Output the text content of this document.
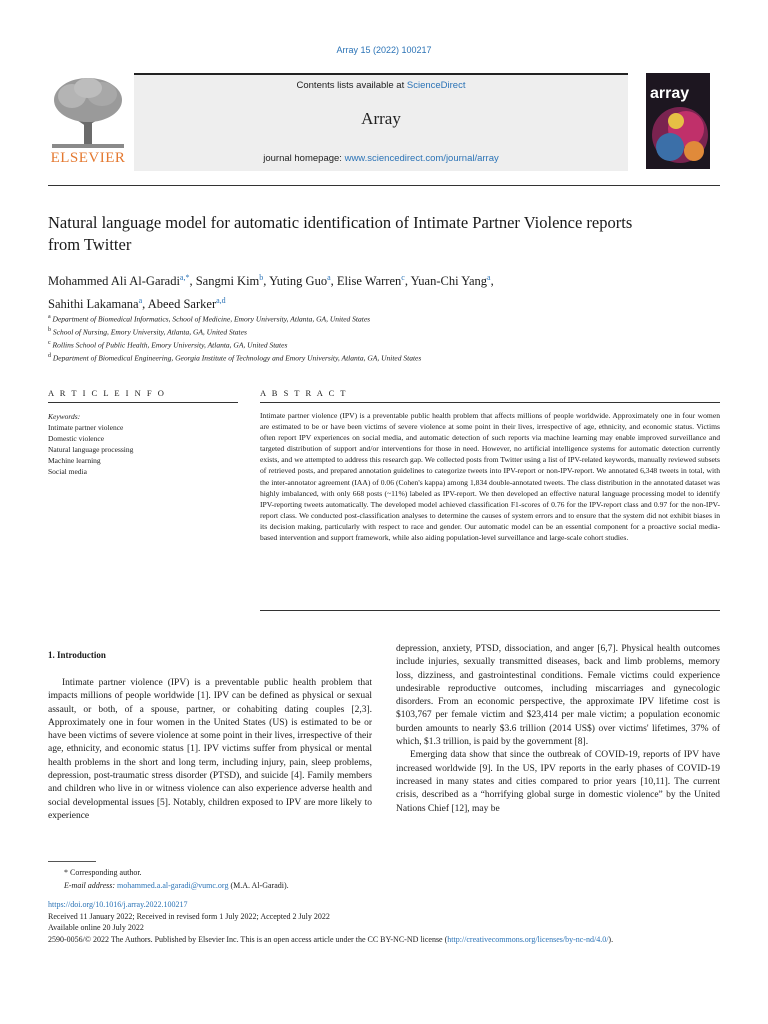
Array 15 (2022) 100217
ELSEVIER
Contents lists available at ScienceDirect
Array
journal homepage: www.sciencedirect.com/journal/array
array
Natural language model for automatic identification of Intimate Partner Violence reports from Twitter
Mohammed Ali Al-Garadi$^{a,*}$, Sangmi Kim$^b$, Yuting Guo$^a$, Elise Warren$^c$, Yuan-Chi Yang$^a$,
Sahithi Lakamana$^a$, Abeed Sarker$^{a,d}$
$^a$ Department of Biomedical Informatics, School of Medicine, Emory University, Atlanta, GA, United States
$^b$ School of Nursing, Emory University, Atlanta, GA, United States
$^c$ Rollins School of Public Health, Emory University, Atlanta, GA, United States
$^d$ Department of Biomedical Engineering, Georgia Institute of Technology and Emory University, Atlanta, GA, United States
A R T I C L E I N F O
Keywords:
Intimate partner violence
Domestic violence
Natural language processing
Machine learning
Social media
A B S T R A C T

Intimate partner violence (IPV) is a preventable public health problem that affects millions of people worldwide. Approximately one in four women are estimated to be or have been victims of severe violence at some point in their lives, irrespective of age, ethnicity, and economic status. Victims often report IPV experiences on social media, and automatic detection of such reports via machine learning may enable improved surveillance and targeted distribution of support and/or interventions for those in need. However, no artificial intelligence systems for automatic detection currently exists, and we attempted to address this research gap. We collected posts from Twitter using a list of IPV-related keywords, manually reviewed subsets of retrieved posts, and prepared annotation guidelines to categorize tweets into IPV-report or non-IPV-report. We annotated 6,348 tweets in total, with the inter-annotator agreement (IAA) of 0.06 (Cohen's kappa) among 1,834 double-annotated tweets. The class distribution in the annotated dataset was highly imbalanced, with only 668 posts (~11%) labeled as IPV-report. We then developed an effective natural language processing model to identify IPV-reporting tweets automatically. The developed model achieved classification F1-scores of 0.76 for the IPV-report class and 0.97 for the non-IPV-report class. We conducted post-classification analyses to determine the causes of system errors and to ensure that the system did not exhibit biases in its decision making, particularly with respect to race and gender. Our automatic model can be an essential component for a proactive social media-based intervention and support framework, while also aiding population-level surveillance and large-scale cohort studies.

1. Introduction

Intimate partner violence (IPV) is a preventable public health problem that impacts millions of people worldwide [1]. IPV can be defined as physical or sexual assault, or both, of a spouse, partner, or cohabiting dating couples [2,3]. Approximately one in four women in the United States (US) is estimated to be or have been victims of severe violence at some point in their lives, irrespective of their age, ethnicity, and economic status [1]. IPV victims suffer from physical or mental health problems in the short and long term, including injury, pain, sleep problems, depression, post-traumatic stress disorder (PTSD), and suicide [4]. Family members and children who live in or witness violence can also experience adverse health and social developmental issues [5]. Notably, children exposed to IPV are more likely to experience

depression, anxiety, PTSD, dissociation, and anger [6,7]. Physical health outcomes include injuries, sexually transmitted diseases, back and limb problems, memory loss, dizziness, and gastrointestinal conditions. Female victims could experience undesirable reproductive outcomes, including miscarriages and gynecologic disorders. From an economic perspective, the approximate IPV lifetime cost is $103,767 per female victim and $23,414 per male victim; a population economic burden amounts to nearly $3.6 trillion (2014 US$) over victims' lifetimes, 37% of which, $1.3 trillion, is paid by the government [8].

Emerging data show that since the outbreak of COVID-19, reports of IPV have increased worldwide [9]. In the US, IPV reports in the early phases of COVID-19 increased in many states and cities compared to prior years [10,11]. The current crisis, described as a “horrifying global surge in domestic violence” by the United Nations Chief [12], may be

* Corresponding author.
E-mail address: mohammed.a.al-garadi@vumc.org (M.A. Al-Garadi).
https://doi.org/10.1016/j.array.2022.100217
Received 11 January 2022; Received in revised form 1 July 2022; Accepted 2 July 2022
Available online 20 July 2022
2590-0056/© 2022 The Authors. Published by Elsevier Inc. This is an open access article under the CC BY-NC-ND license (http://creativecommons.org/licenses/by-nc-nd/4.0/).
